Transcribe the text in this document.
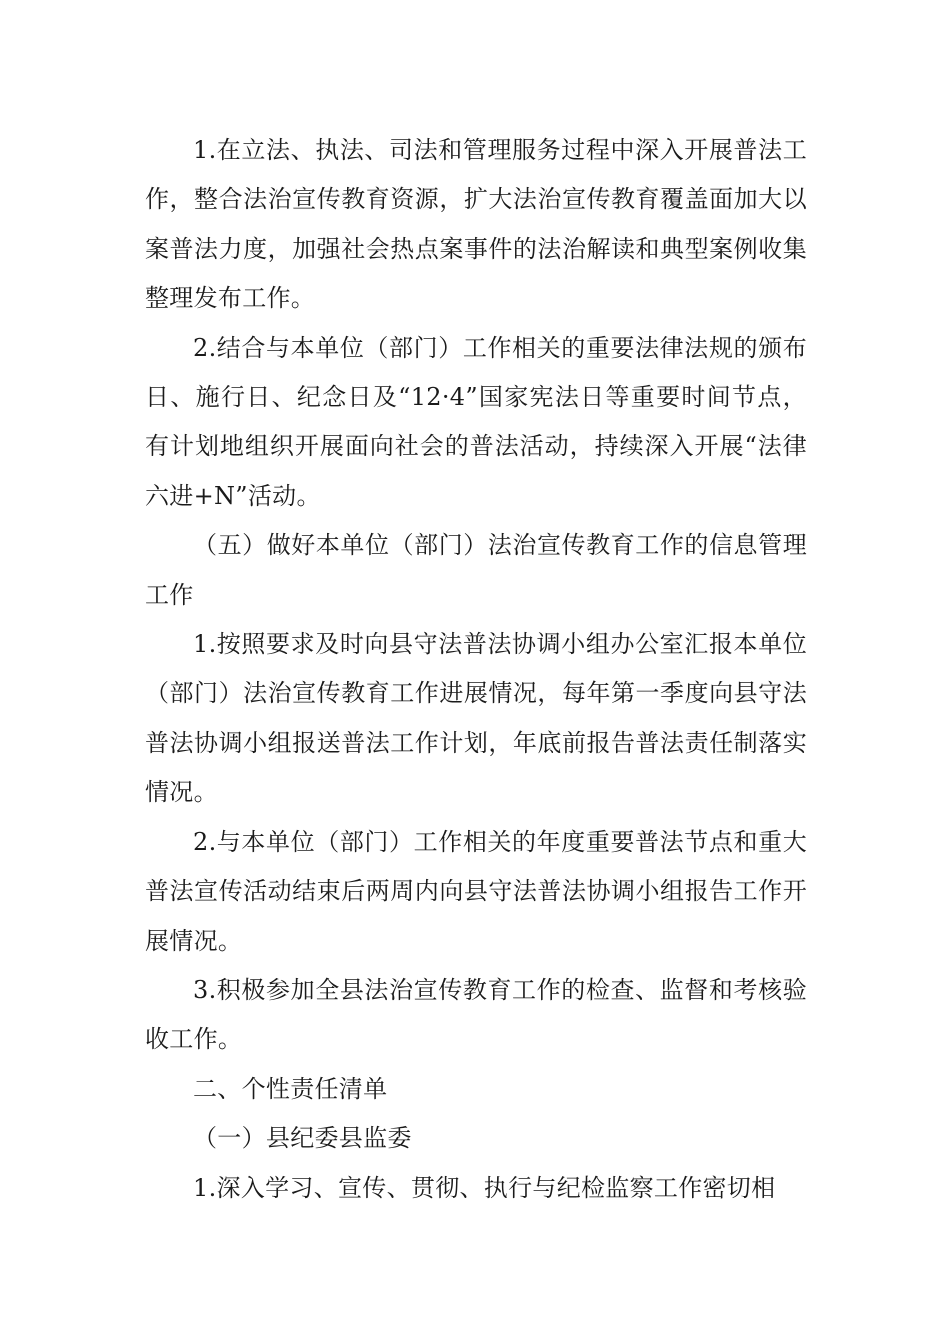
1.在立法、执法、司法和管理服务过程中深入开展普法工作，整合法治宣传教育资源，扩大法治宣传教育覆盖面加大以案普法力度，加强社会热点案事件的法治解读和典型案例收集整理发布工作。

2.结合与本单位（部门）工作相关的重要法律法规的颁布日、施行日、纪念日及“12·4”国家宪法日等重要时间节点，有计划地组织开展面向社会的普法活动，持续深入开展“法律六进+N”活动。

（五）做好本单位（部门）法治宣传教育工作的信息管理工作

1.按照要求及时向县守法普法协调小组办公室汇报本单位（部门）法治宣传教育工作进展情况，每年第一季度向县守法普法协调小组报送普法工作计划，年底前报告普法责任制落实情况。

2.与本单位（部门）工作相关的年度重要普法节点和重大普法宣传活动结束后两周内向县守法普法协调小组报告工作开展情况。

3.积极参加全县法治宣传教育工作的检查、监督和考核验收工作。

二、个性责任清单

（一）县纪委县监委

1.深入学习、宣传、贯彻、执行与纪检监察工作密切相
